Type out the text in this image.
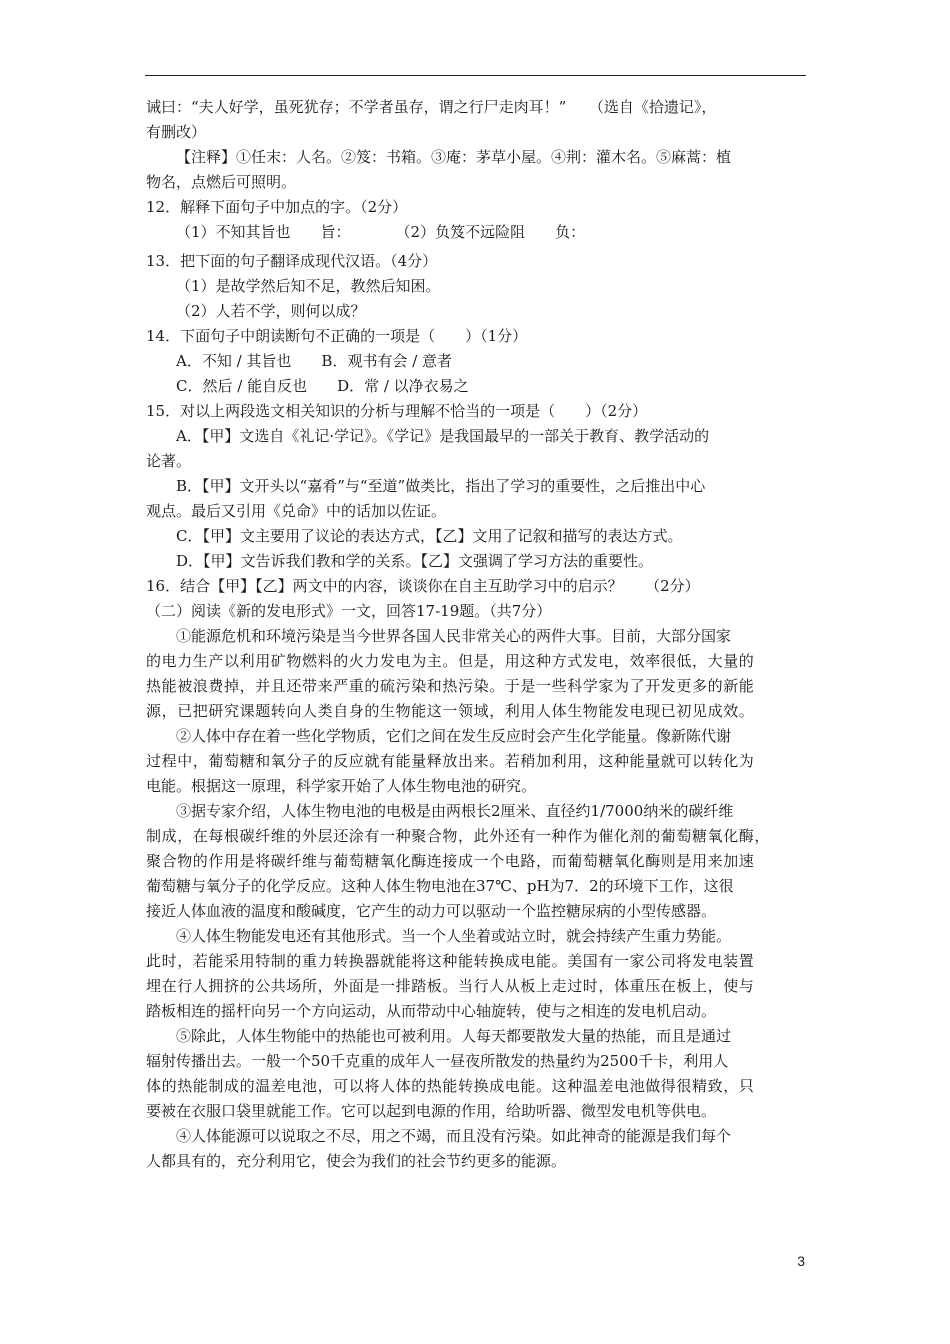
诫曰：“夫人好学，虽死犹存；不学者虽存，谓之行尸走肉耳！”　　（选自《拾遗记》，
有删改）
【注释】①任末：人名。②笈：书箱。③庵：茅草小屋。④荆：灌木名。⑤麻蒿：植
物名，点燃后可照明。
12．解释下面句子中加点的字。（2分）
（1）不知其旨也　　旨：　　　　（2）负笈不远险阻　　负：
13．把下面的句子翻译成现代汉语。（4分）
（1）是故学然后知不足，教然后知困。
（2）人若不学，则何以成？
14．下面句子中朗读断句不正确的一项是（　　）（1分）
A．不知 / 其旨也　　B．观书有会 / 意者
C．然后 / 能自反也　　D．常 / 以净衣易之
15．对以上两段选文相关知识的分析与理解不恰当的一项是（　　）（2分）
A．【甲】文选自《礼记·学记》。《学记》是我国最早的一部关于教育、教学活动的
论著。
B．【甲】文开头以“嘉肴”与“至道”做类比，指出了学习的重要性，之后推出中心
观点。最后又引用《兑命》中的话加以佐证。
C．【甲】文主要用了议论的表达方式，【乙】文用了记叙和描写的表达方式。
D．【甲】文告诉我们教和学的关系。【乙】文强调了学习方法的重要性。
16．结合【甲】【乙】两文中的内容，谈谈你在自主互助学习中的启示？　　（2分）
（二）阅读《新的发电形式》一文，回答17-19题。（共7分）
①能源危机和环境污染是当今世界各国人民非常关心的两件大事。目前，大部分国家
的电力生产以利用矿物燃料的火力发电为主。但是，用这种方式发电，效率很低，大量的
热能被浪费掉，并且还带来严重的硫污染和热污染。于是一些科学家为了开发更多的新能
源，已把研究课题转向人类自身的生物能这一领域，利用人体生物能发电现已初见成效。
②人体中存在着一些化学物质，它们之间在发生反应时会产生化学能量。像新陈代谢
过程中，葡萄糖和氧分子的反应就有能量释放出来。若稍加利用，这种能量就可以转化为
电能。根据这一原理，科学家开始了人体生物电池的研究。
③据专家介绍，人体生物电池的电极是由两根长2厘米、直径约1/7000纳米的碳纤维
制成，在每根碳纤维的外层还涂有一种聚合物，此外还有一种作为催化剂的葡萄糖氧化酶，
聚合物的作用是将碳纤维与葡萄糖氧化酶连接成一个电路，而葡萄糖氧化酶则是用来加速
葡萄糖与氧分子的化学反应。这种人体生物电池在37℃、pH为7．2的环境下工作，这很
接近人体血液的温度和酸碱度，它产生的动力可以驱动一个监控糖尿病的小型传感器。
④人体生物能发电还有其他形式。当一个人坐着或站立时，就会持续产生重力势能。
此时，若能采用特制的重力转换器就能将这种能转换成电能。美国有一家公司将发电装置
埋在行人拥挤的公共场所，外面是一排踏板。当行人从板上走过时，体重压在板上，使与
踏板相连的摇杆向另一个方向运动，从而带动中心轴旋转，使与之相连的发电机启动。
⑤除此，人体生物能中的热能也可被利用。人每天都要散发大量的热能，而且是通过
辐射传播出去。一般一个50千克重的成年人一昼夜所散发的热量约为2500千卡，利用人
体的热能制成的温差电池，可以将人体的热能转换成电能。这种温差电池做得很精致，只
要被在衣服口袋里就能工作。它可以起到电源的作用，给助听器、微型发电机等供电。
④人体能源可以说取之不尽，用之不竭，而且没有污染。如此神奇的能源是我们每个
人都具有的，充分利用它，使会为我们的社会节约更多的能源。
3
